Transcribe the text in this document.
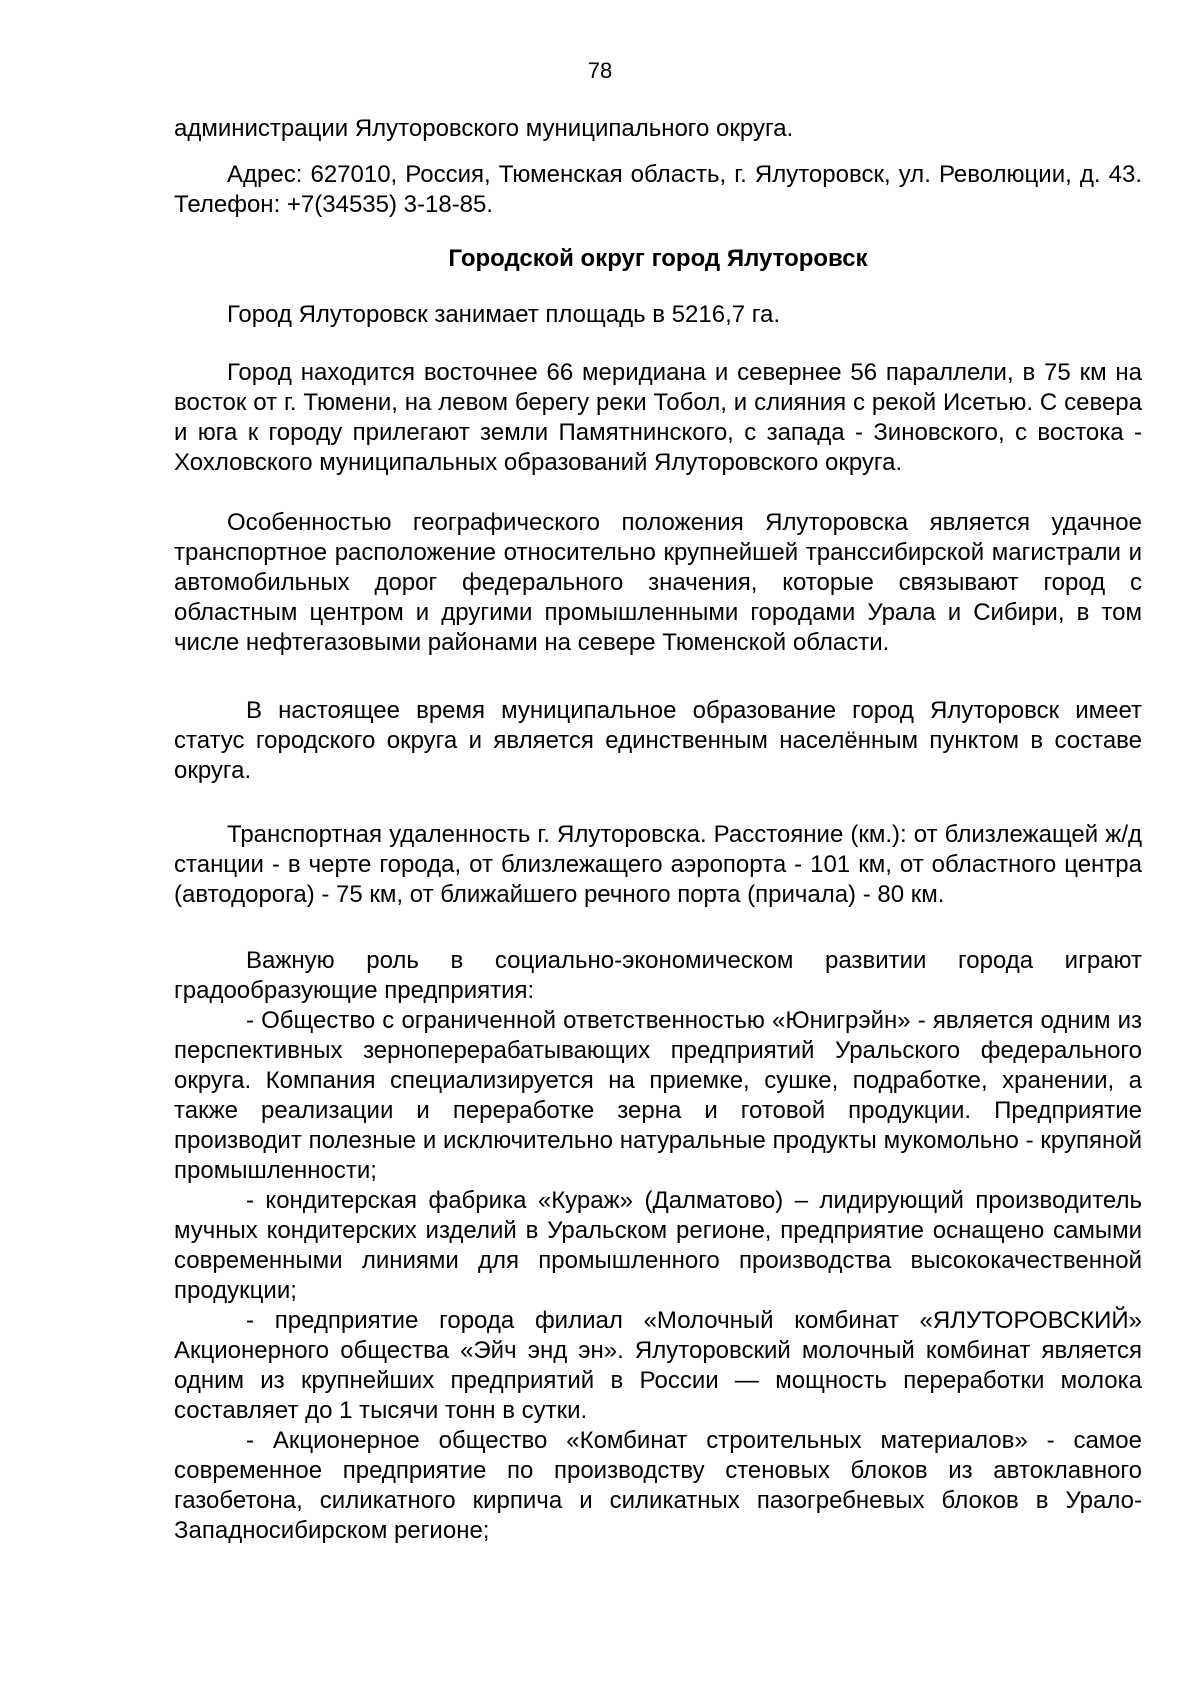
78

администрации Ялуторовского муниципального округа.

Адрес: 627010, Россия, Тюменская область, г. Ялуторовск, ул. Революции, д. 43. Телефон: +7(34535) 3-18-85.

Городской округ город Ялуторовск

Город Ялуторовск занимает площадь в 5216,7 га.

Город находится восточнее 66 меридиана и севернее 56 параллели, в 75 км на восток от г. Тюмени, на левом берегу реки Тобол, и слияния с рекой Исетью. С севера и юга к городу прилегают земли Памятнинского, с запада - Зиновского, с востока - Хохловского муниципальных образований Ялуторовского округа.

Особенностью географического положения Ялуторовска является удачное транспортное расположение относительно крупнейшей транссибирской магистрали и автомобильных дорог федерального значения, которые связывают город с областным центром и другими промышленными городами Урала и Сибири, в том числе нефтегазовыми районами на севере Тюменской области.

В настоящее время муниципальное образование город Ялуторовск имеет статус городского округа и является единственным населённым пунктом в составе округа.

Транспортная удаленность г. Ялуторовска. Расстояние (км.): от близлежащей ж/д станции - в черте города, от близлежащего аэропорта - 101 км, от областного центра (автодорога) - 75 км, от ближайшего речного порта (причала) - 80 км.

Важную роль в социально-экономическом развитии города играют градообразующие предприятия:

- Общество с ограниченной ответственностью «Юнигрэйн» - является одним из перспективных зерноперерабатывающих предприятий Уральского федерального округа. Компания специализируется на приемке, сушке, подработке, хранении, а также реализации и переработке зерна и готовой продукции. Предприятие производит полезные и исключительно натуральные продукты мукомольно - крупяной промышленности;

- кондитерская фабрика «Кураж» (Далматово) – лидирующий производитель мучных кондитерских изделий в Уральском регионе, предприятие оснащено самыми современными линиями для промышленного производства высококачественной продукции;

- предприятие города филиал «Молочный комбинат «ЯЛУТОРОВСКИЙ» Акционерного общества «Эйч энд эн». Ялуторовский молочный комбинат является одним из крупнейших предприятий в России — мощность переработки молока составляет до 1 тысячи тонн в сутки.

- Акционерное общество «Комбинат строительных материалов» - самое современное предприятие по производству стеновых блоков из автоклавного газобетона, силикатного кирпича и силикатных пазогребневых блоков в Урало-Западносибирском регионе;
